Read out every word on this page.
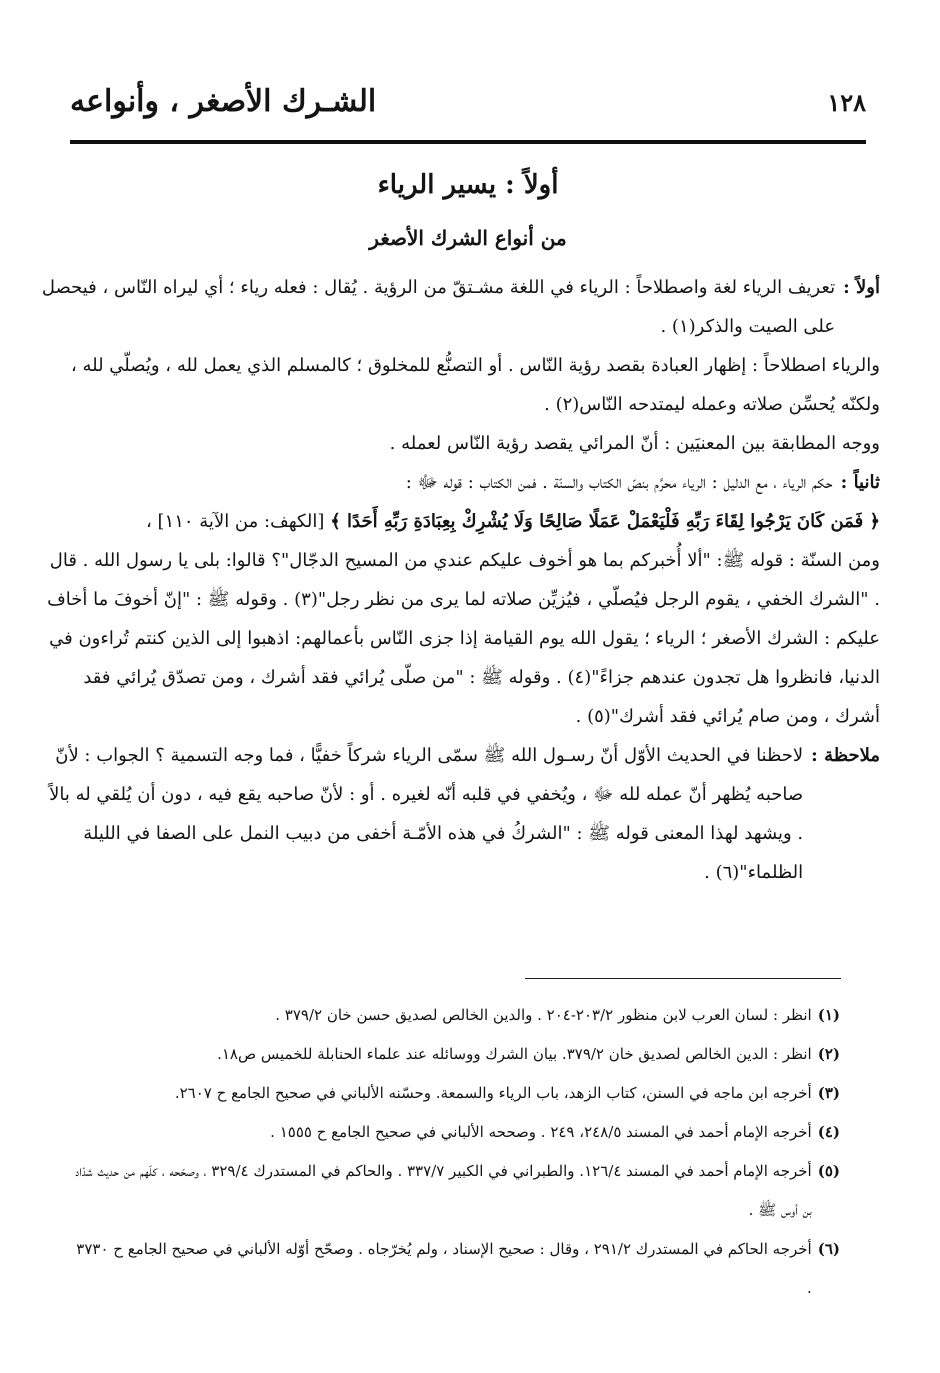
الشـرك الأصغر ، وأنواعه	١٢٨
أولاً : يسير الرياء
من أنواع الشرك الأصغر
أولاً :

تعريف الرياء لغة واصطلاحاً : الرياء في اللغة مشـتقّ من الرؤية . يُقال : فعله رياء ؛ أي ليراه النّاس ، فيحصل على الصيت والذكر(١) .

والرياء اصطلاحاً : إظهار العبادة بقصد رؤية النّاس . أو التصنُّع للمخلوق ؛ كالمسلم الذي يعمل لله ، ويُصلّي لله ، ولكنّه يُحسِّن صلاته وعمله ليمتدحه النّاس(٢) .

ووجه المطابقة بين المعنيَين : أنّ المرائي يقصد رؤية النّاس لعمله .

ثانياً :
حكم الرياء ، مع الدليل : الرياء محرَّم بنصّ الكتاب والسنّة . فمن الكتاب : قوله ﷻ :

﴿ فَمَن كَانَ يَرْجُوا لِقَاءَ رَبِّهِ فَلْيَعْمَلْ عَمَلًا صَالِحًا وَلَا يُشْرِكْ بِعِبَادَةِ رَبِّهِ أَحَدًا ﴾ [الكهف: من الآية ١١٠] ،

ومن السنّة : قوله ﷺ: "ألا أُخبركم بما هو أخوف عليكم عندي من المسيح الدجّال"؟ قالوا: بلى يا رسول الله . قال . "الشرك الخفي ، يقوم الرجل فيُصلّي ، فيُزيِّن صلاته لما يرى من نظر رجل"(٣) . وقوله ﷺ : "إنّ أخوفَ ما أخاف عليكم : الشرك الأصغر ؛ الرياء ؛ يقول الله يوم القيامة إذا جزى النّاس بأعمالهم: اذهبوا إلى الذين كنتم تُراءون في الدنيا، فانظروا هل تجدون عندهم جزاءً"(٤) . وقوله ﷺ : "من صلّى يُرائي فقد أشرك ، ومن تصدّق يُرائي فقد أشرك ، ومن صام يُرائي فقد أشرك"(٥) .

ملاحظة :

لاحظنا في الحديث الأوّل أنّ رسـول الله ﷺ سمّى الرياء شركاً خفيًّا ، فما وجه التسمية ؟ الجواب : لأنّ صاحبه يُظهر أنّ عمله لله ﷻ ، ويُخفي في قلبه أنّه لغيره . أو : لأنّ صاحبه يقع فيه ، دون أن يُلقي له بالاً . ويشهد لهذا المعنى قوله ﷺ : "الشركُ في هذه الأمّـة أخفى من دبيب النمل على الصفا في الليلة الظلماء"(٦) .

(١)
انظر : لسان العرب لابن منظور ٢٠٣/٢-٢٠٤ . والدين الخالص لصديق حسن خان ٣٧٩/٢ .
(٢)
انظر : الدين الخالص لصديق خان ٣٧٩/٢. بيان الشرك ووسائله عند علماء الحنابلة للخميس ص١٨.
(٣)
أخرجه ابن ماجه في السنن، كتاب الزهد، باب الرياء والسمعة. وحسّنه الألباني في صحيح الجامع ح ٢٦٠٧.
(٤)
أخرجه الإمام أحمد في المسند ٢٤٨/٥، ٢٤٩ . وصححه الألباني في صحيح الجامع ح ١٥٥٥ .
(٥)
أخرجه الإمام أحمد في المسند ١٢٦/٤. والطبراني في الكبير ٣٣٧/٧ . والحاكم في المستدرك ٣٢٩/٤ ، وصحّحه ، كلّهم من حديث شدّاد بن أوس ﷺ .
(٦)
أخرجه الحاكم في المستدرك ٢٩١/٢ ، وقال : صحيح الإسناد ، ولم يُخرّجاه . وصحّح أوّله الألباني في صحيح الجامع ح ٣٧٣٠ .
